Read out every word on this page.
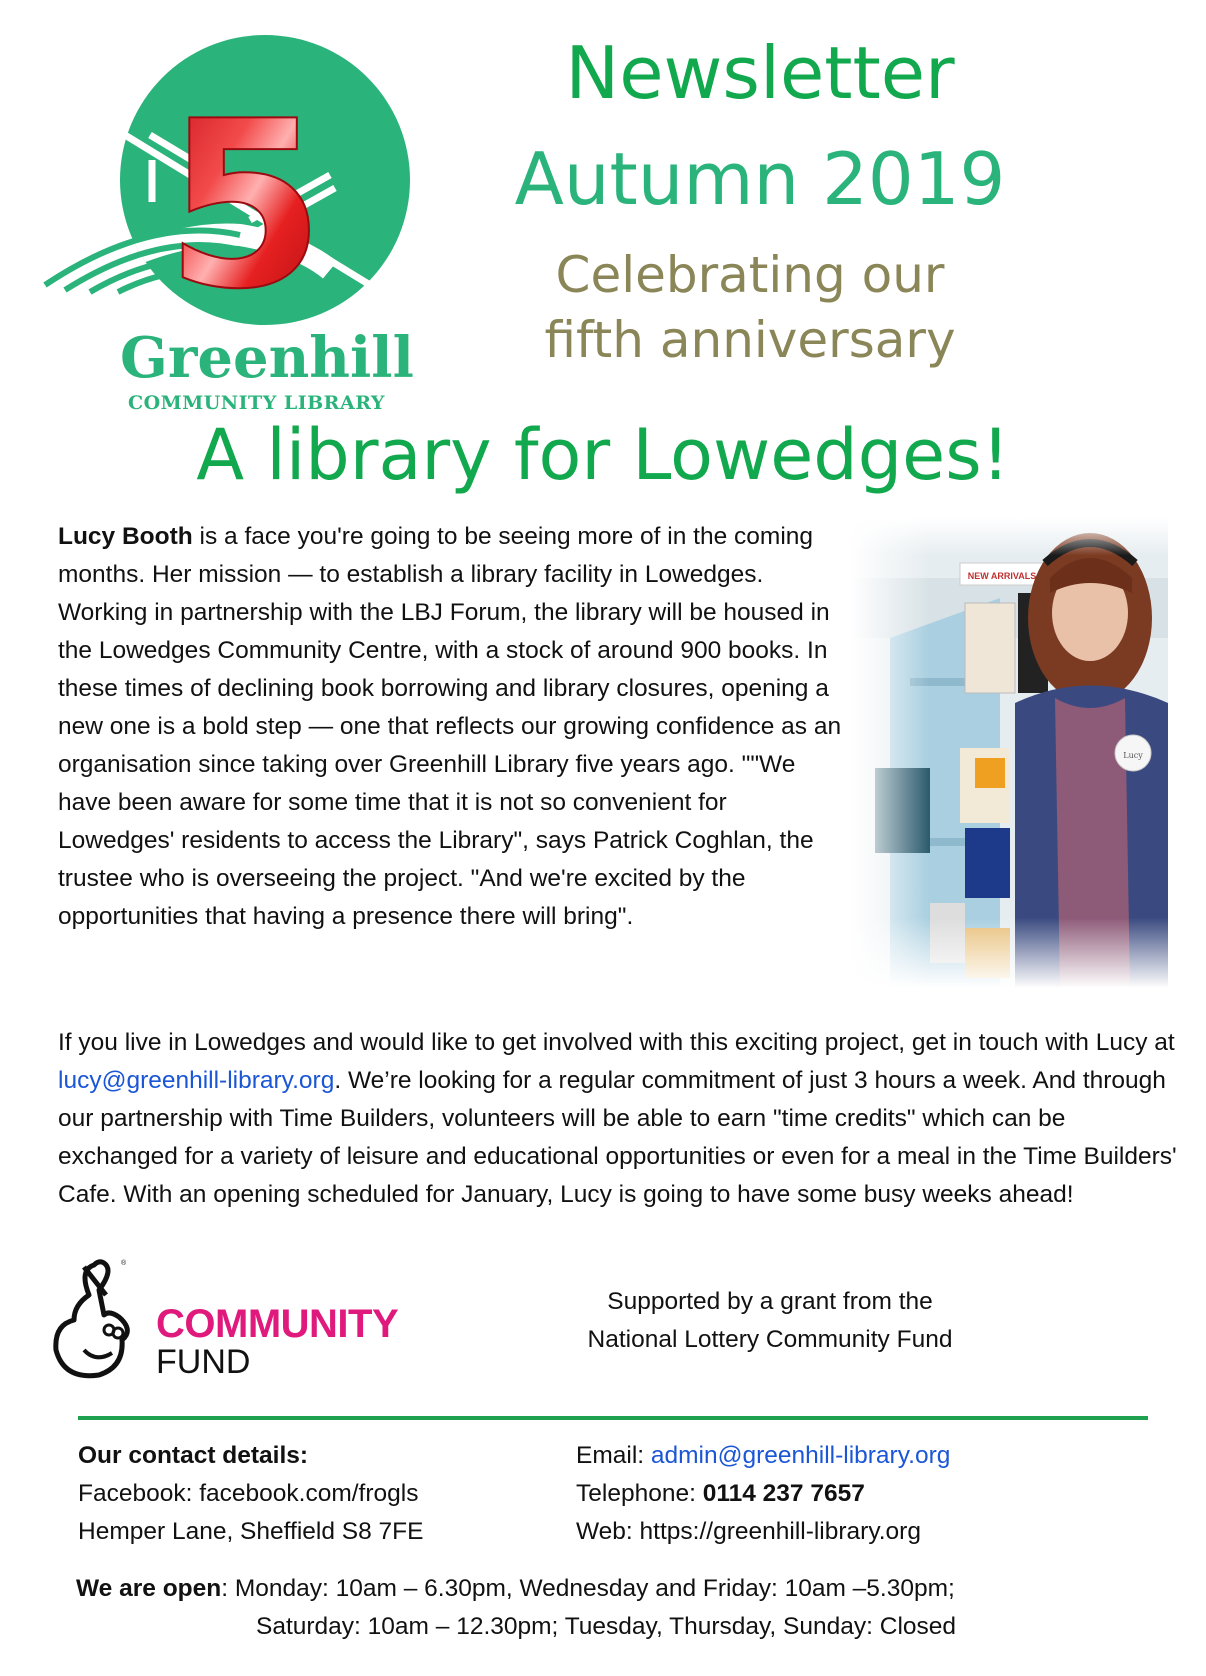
5
Greenhill
COMMUNITY LIBRARY
Newsletter
Autumn 2019
Celebrating our
fifth anniversary
A library for Lowedges!
Lucy Booth is a face you're going to be seeing more of in the coming months. Her mission — to establish a library facility in Lowedges. Working in partnership with the LBJ Forum, the library will be housed in the Lowedges Community Centre, with a stock of around 900 books. In these times of declining book borrowing and library closures, opening a new one is a bold step — one that reflects our growing confidence as an organisation since taking over Greenhill Library five years ago. ""We have been aware for some time that it is not so convenient for Lowedges' residents to access the Library", says Patrick Coghlan, the trustee who is overseeing the project. "And we're excited by the opportunities that having a presence there will bring".
If you live in Lowedges and would like to get involved with this exciting project, get in touch with Lucy at lucy@greenhill-library.org. We’re looking for a regular commitment of just 3 hours a week. And through our partnership with Time Builders, volunteers will be able to earn "time credits" which can be exchanged for a variety of leisure and educational opportunities or even for a meal in the Time Builders' Cafe. With an opening scheduled for January, Lucy is going to have some busy weeks ahead!
®
COMMUNITY
FUND
Supported by a grant from the
National Lottery Community Fund
Our contact details:
Facebook: facebook.com/frogls
Hemper Lane, Sheffield S8 7FE
Email: admin@greenhill-library.org
Telephone: 0114 237 7657
Web: https://greenhill-library.org
We are open: Monday: 10am – 6.30pm, Wednesday and Friday: 10am –5.30pm;
Saturday: 10am – 12.30pm; Tuesday, Thursday, Sunday: Closed
